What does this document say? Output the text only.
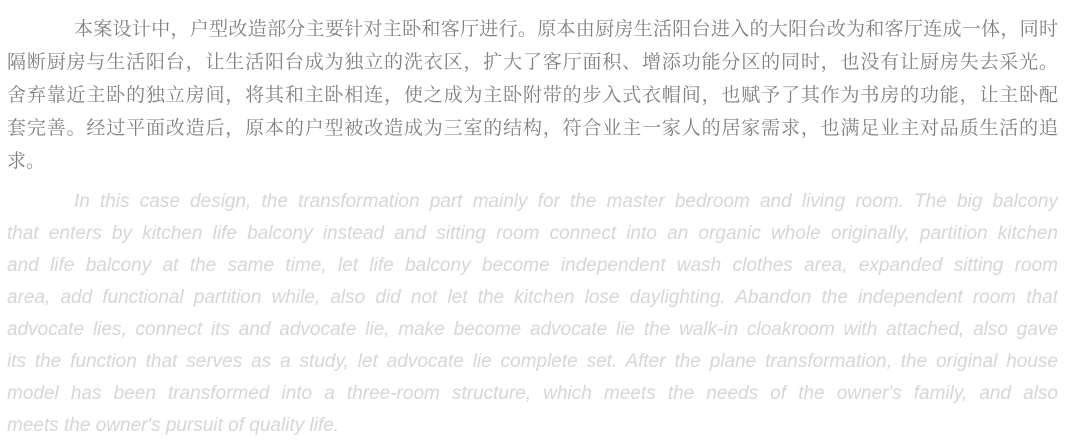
本案设计中，户型改造部分主要针对主卧和客厅进行。原本由厨房生活阳台进入的大阳台改为和客厅连成一体，同时
隔断厨房与生活阳台，让生活阳台成为独立的洗衣区，扩大了客厅面积、增添功能分区的同时，也没有让厨房失去采光。
舍弃靠近主卧的独立房间，将其和主卧相连，使之成为主卧附带的步入式衣帽间，也赋予了其作为书房的功能，让主卧配
套完善。经过平面改造后，原本的户型被改造成为三室的结构，符合业主一家人的居家需求，也满足业主对品质生活的追
求。
In this case design, the transformation part mainly for the master bedroom and living room. The big balcony
that enters by kitchen life balcony instead and sitting room connect into an organic whole originally, partition kitchen
and life balcony at the same time, let life balcony become independent wash clothes area, expanded sitting room
area, add functional partition while, also did not let the kitchen lose daylighting. Abandon the independent room that
advocate lies, connect its and advocate lie, make become advocate lie the walk-in cloakroom with attached, also gave
its the function that serves as a study, let advocate lie complete set. After the plane transformation, the original house
model has been transformed into a three-room structure, which meets the needs of the owner's family, and also
meets the owner's pursuit of quality life.
